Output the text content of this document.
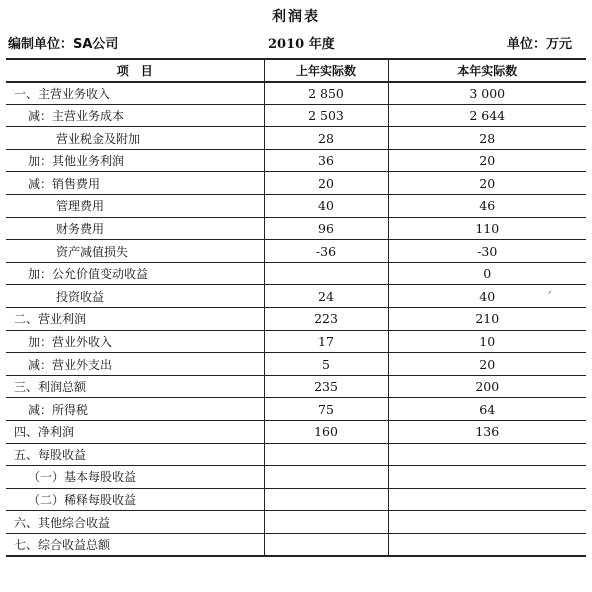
利润表
编制单位：SA公司	2010 年度	单位：万元
项　目	上年实际数	本年实际数
一、主营业务收入	2 850	3 000
减：主营业务成本	2 503	2 644
营业税金及附加	28	28
加：其他业务利润	36	20
减：销售费用	20	20
管理费用	40	46
财务费用	96	110
资产减值损失	-36	-30
加：公允价值变动收益		0
投资收益	24	40
二、营业利润	223	210
加：营业外收入	17	10
减：营业外支出	5	20
三、利润总额	235	200
减：所得税	75	64
四、净利润	160	136
五、每股收益		
（一）基本每股收益		
（二）稀释每股收益		
六、其他综合收益		
七、综合收益总额		
ᐟ
